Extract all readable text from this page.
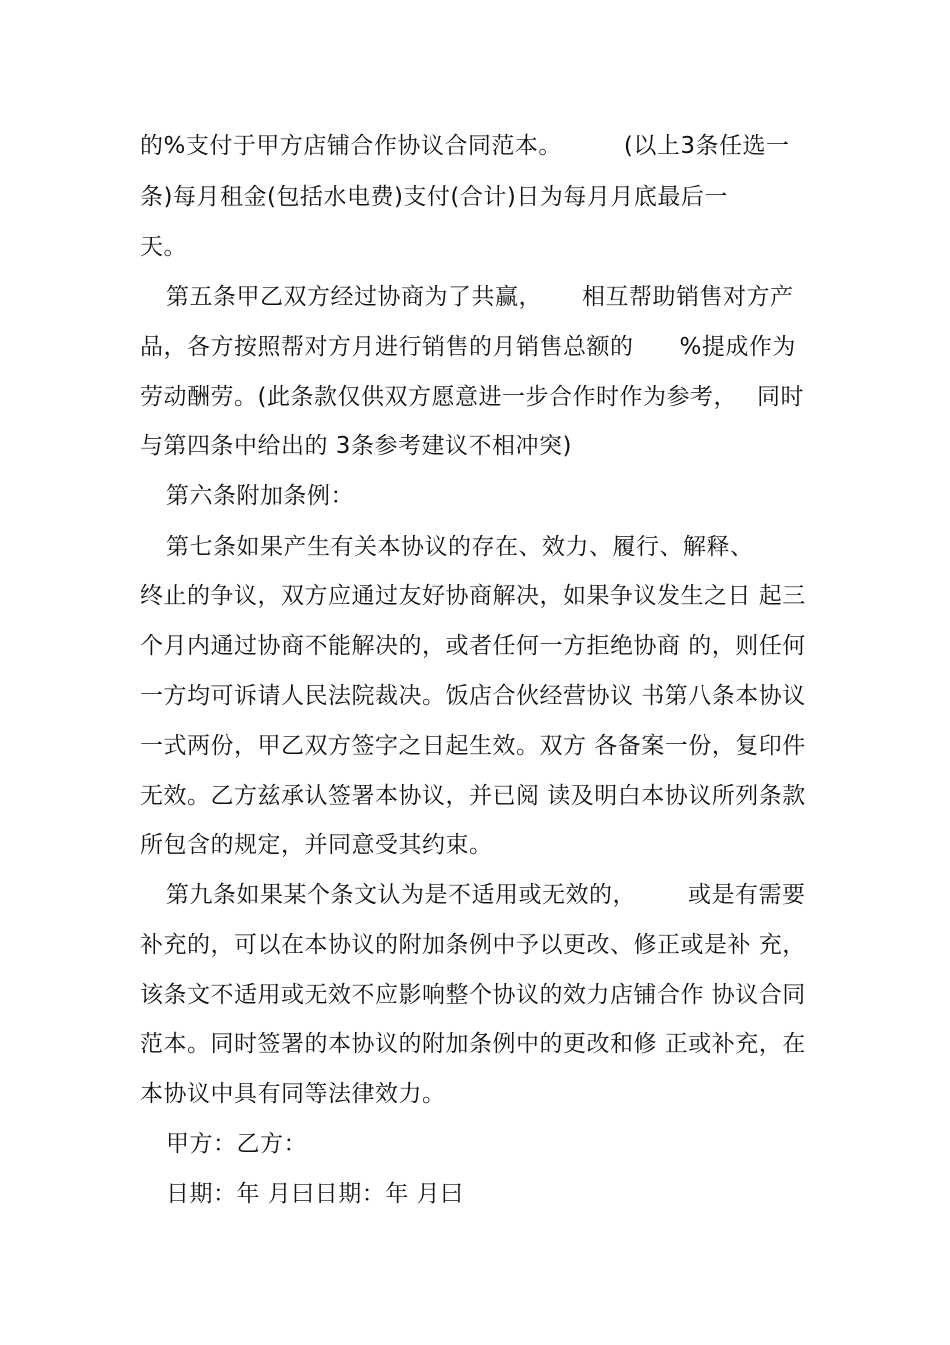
的%支付于甲方店铺合作协议合同范本。	(以上3条任选一
条)每月租金(包括水电费)支付(合计)日为每月月底最后一
天。
第五条甲乙双方经过协商为了共赢， 相互帮助销售对方产
品，各方按照帮对方月进行销售的月销售总额的 %提成作为
劳动酬劳。(此条款仅供双方愿意进一步合作时作为参考， 同时
与第四条中给出的 3条参考建议不相冲突)
第六条附加条例：
第七条如果产生有关本协议的存在、效力、履行、解释、
终止的争议，双方应通过友好协商解决，如果争议发生之日 起三
个月内通过协商不能解决的，或者任何一方拒绝协商 的，则任何
一方均可诉请人民法院裁决。饭店合伙经营协议 书第八条本协议
一式两份，甲乙双方签字之日起生效。双方 各备案一份，复印件
无效。乙方兹承认签署本协议，并已阅 读及明白本协议所列条款
所包含的规定，并同意受其约束。
第九条如果某个条文认为是不适用或无效的， 或是有需要
补充的，可以在本协议的附加条例中予以更改、修正或是补 充，
该条文不适用或无效不应影响整个协议的效力店铺合作 协议合同
范本。同时签署的本协议的附加条例中的更改和修 正或补充，在
本协议中具有同等法律效力。
甲方：乙方：
日期：年 月曰日期：年 月曰
